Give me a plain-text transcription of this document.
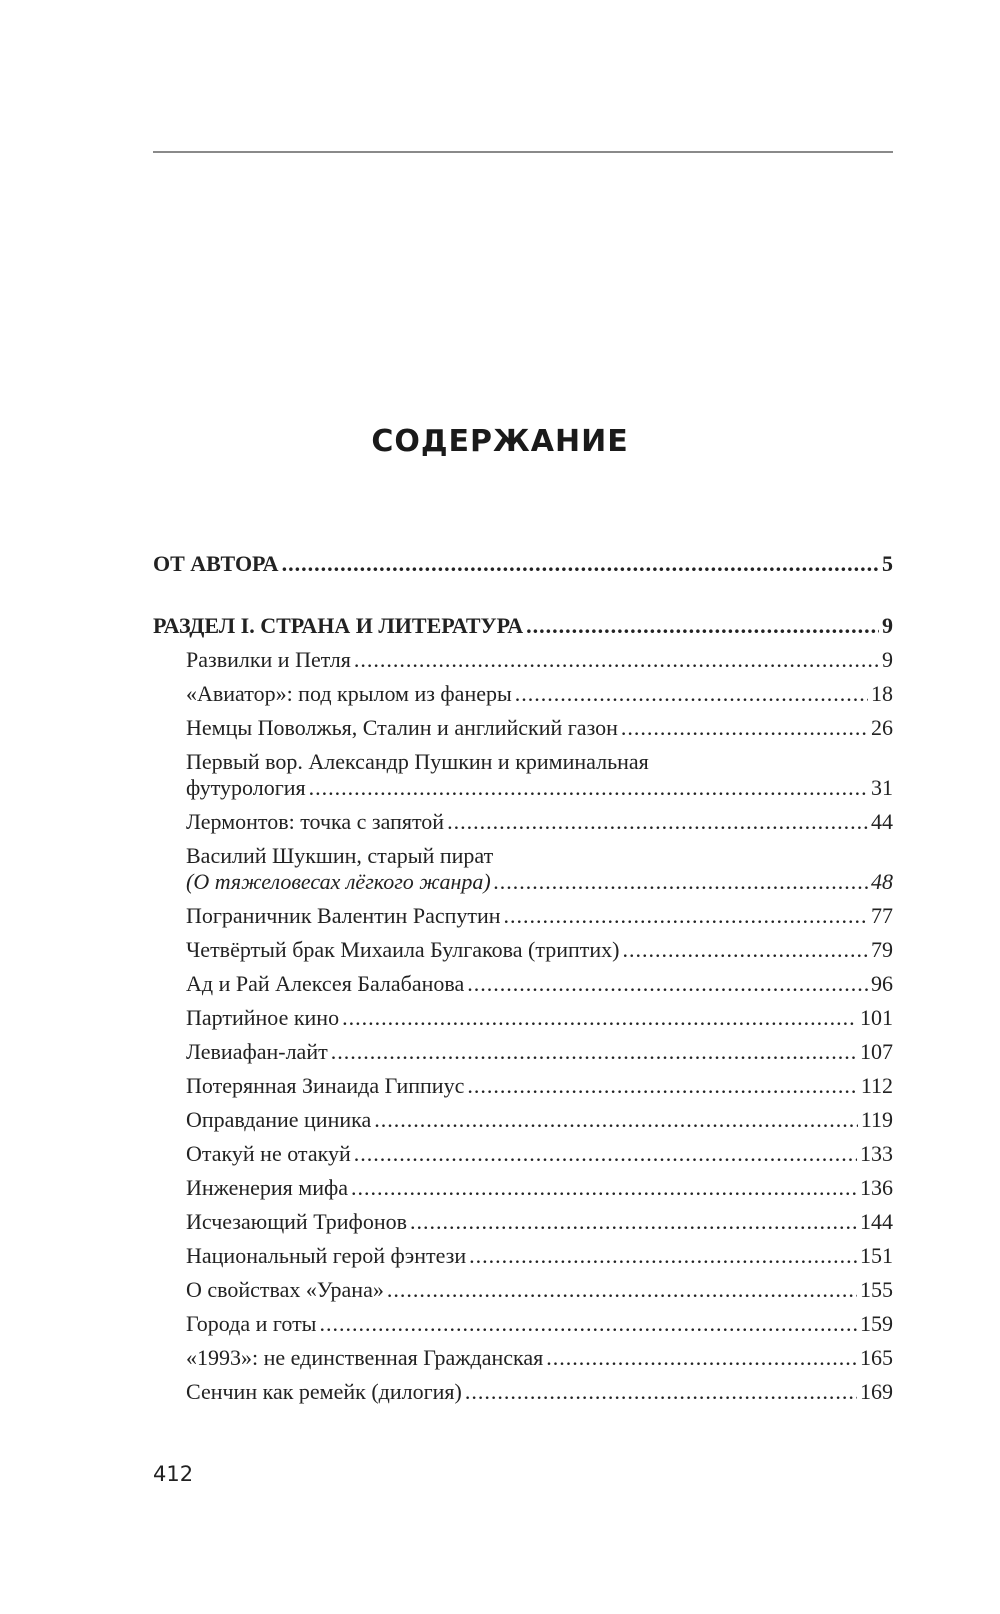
СОДЕРЖАНИЕ
ОТ АВТОРА .....	5
РАЗДЕЛ I. СТРАНА И ЛИТЕРАТУРА .....	9
Развилки и Петля .....	9
«Авиатор»: под крылом из фанеры .....	18
Немцы Поволжья, Сталин и английский газон .....	26
Первый вор. Александр Пушкин и криминальная
футурология .....	31
Лермонтов: точка с запятой .....	44
Василий Шукшин, старый пират
(О тяжеловесах лёгкого жанра) .....	48
Пограничник Валентин Распутин .....	77
Четвёртый брак Михаила Булгакова (триптих) .....	79
Ад и Рай Алексея Балабанова .....	96
Партийное кино .....	101
Левиафан-лайт .....	107
Потерянная Зинаида Гиппиус .....	112
Оправдание циника .....	119
Отакуй не отакуй .....	133
Инженерия мифа .....	136
Исчезающий Трифонов .....	144
Национальный герой фэнтези .....	151
О свойствах «Урана» .....	155
Города и готы .....	159
«1993»: не единственная Гражданская .....	165
Сенчин как ремейк (дилогия) .....	169
412
